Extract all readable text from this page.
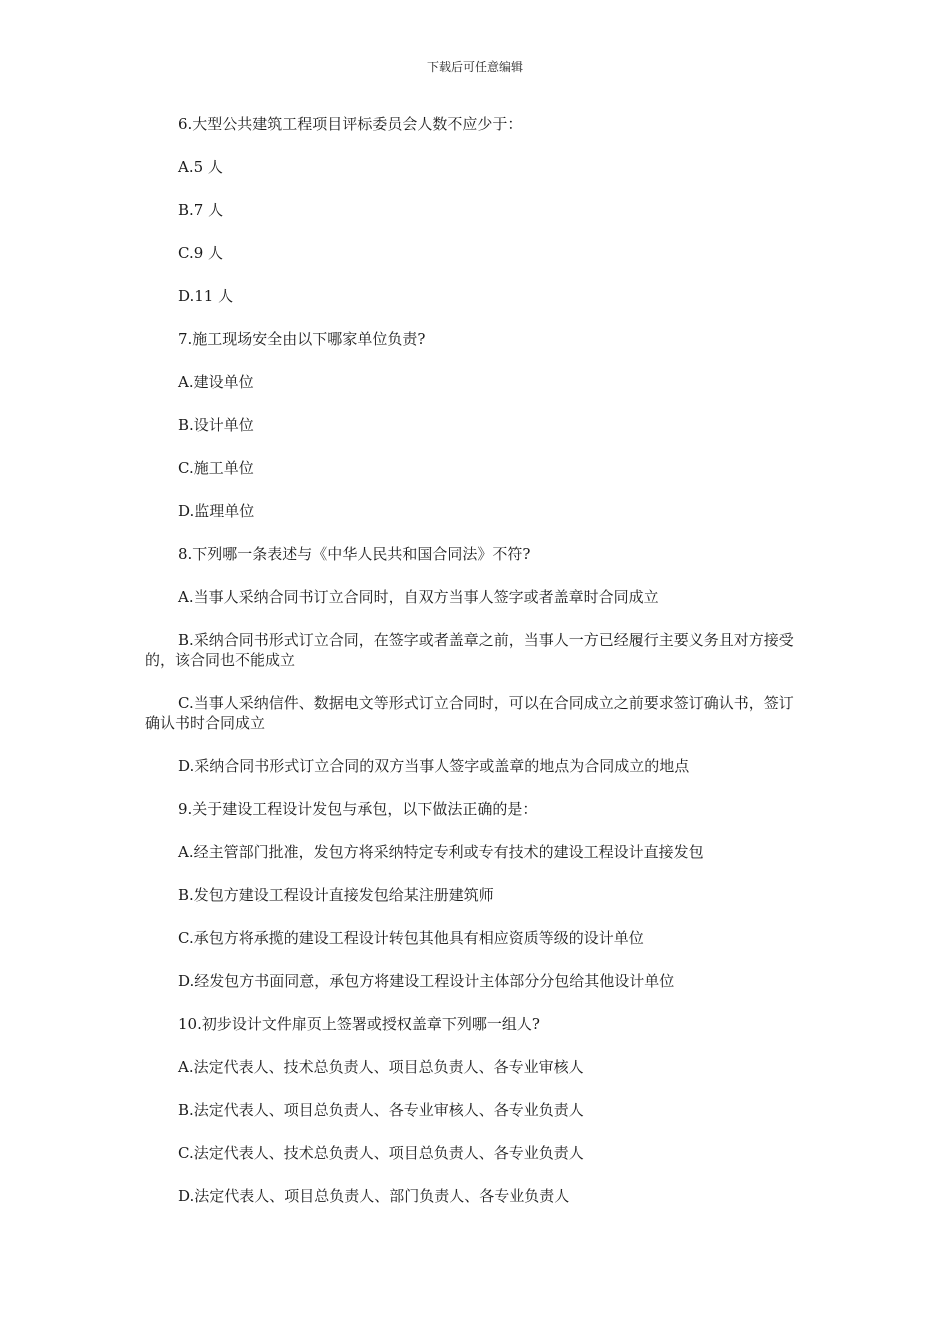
下载后可任意编辑

6.大型公共建筑工程项目评标委员会人数不应少于：

A.5 人

B.7 人

C.9 人

D.11 人

7.施工现场安全由以下哪家单位负责?

A.建设单位

B.设计单位

C.施工单位

D.监理单位

8.下列哪一条表述与《中华人民共和国合同法》不符?

A.当事人采纳合同书订立合同时，自双方当事人签字或者盖章时合同成立

B.采纳合同书形式订立合同，在签字或者盖章之前，当事人一方已经履行主要义务且对方接受的，该合同也不能成立

C.当事人采纳信件、数据电文等形式订立合同时，可以在合同成立之前要求签订确认书，签订确认书时合同成立

D.采纳合同书形式订立合同的双方当事人签字或盖章的地点为合同成立的地点

9.关于建设工程设计发包与承包，以下做法正确的是：

A.经主管部门批准，发包方将采纳特定专利或专有技术的建设工程设计直接发包

B.发包方建设工程设计直接发包给某注册建筑师

C.承包方将承揽的建设工程设计转包其他具有相应资质等级的设计单位

D.经发包方书面同意，承包方将建设工程设计主体部分分包给其他设计单位

10.初步设计文件扉页上签署或授权盖章下列哪一组人?

A.法定代表人、技术总负责人、项目总负责人、各专业审核人

B.法定代表人、项目总负责人、各专业审核人、各专业负责人

C.法定代表人、技术总负责人、项目总负责人、各专业负责人

D.法定代表人、项目总负责人、部门负责人、各专业负责人
